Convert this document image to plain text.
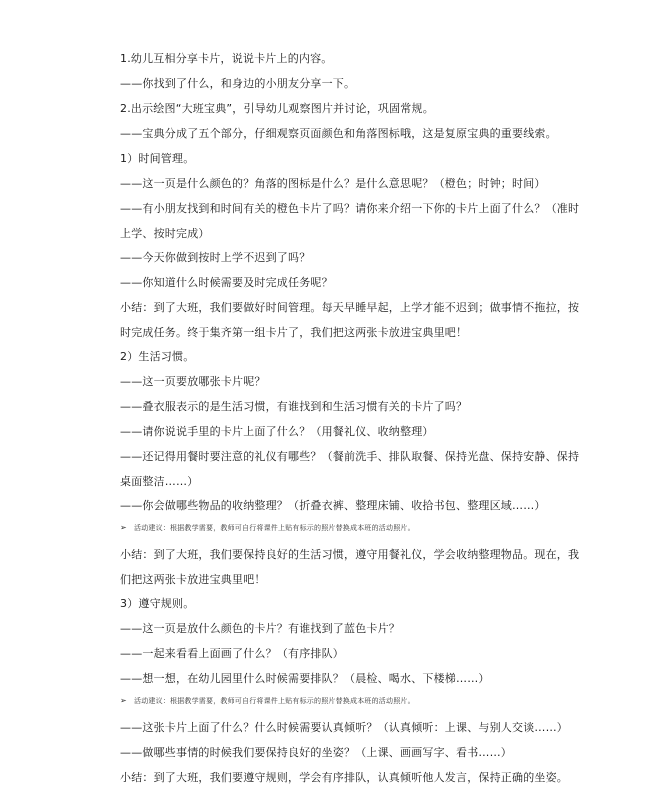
1.幼儿互相分享卡片，说说卡片上的内容。

——你找到了什么，和身边的小朋友分享一下。

2.出示绘图“大班宝典”，引导幼儿观察图片并讨论，巩固常规。

——宝典分成了五个部分，仔细观察页面颜色和角落图标哦，这是复原宝典的重要线索。

1）时间管理。

——这一页是什么颜色的？角落的图标是什么？是什么意思呢？（橙色；时钟；时间）

——有小朋友找到和时间有关的橙色卡片了吗？请你来介绍一下你的卡片上面了什么？（准时上学、按时完成）

——今天你做到按时上学不迟到了吗？

——你知道什么时候需要及时完成任务呢？

小结：到了大班，我们要做好时间管理。每天早睡早起，上学才能不迟到；做事情不拖拉，按时完成任务。终于集齐第一组卡片了，我们把这两张卡放进宝典里吧！

2）生活习惯。

——这一页要放哪张卡片呢？

——叠衣服表示的是生活习惯，有谁找到和生活习惯有关的卡片了吗？

——请你说说手里的卡片上面了什么？（用餐礼仪、收纳整理）

——还记得用餐时要注意的礼仪有哪些？（餐前洗手、排队取餐、保持光盘、保持安静、保持桌面整洁……）

——你会做哪些物品的收纳整理？（折叠衣裤、整理床铺、收拾书包、整理区域……）

➢ 活动建议：根据教学需要，教师可自行将课件上贴有标示的照片替换成本班的活动照片。

小结：到了大班，我们要保持良好的生活习惯，遵守用餐礼仪，学会收纳整理物品。现在，我们把这两张卡放进宝典里吧！

3）遵守规则。

——这一页是放什么颜色的卡片？有谁找到了蓝色卡片？

——一起来看看上面画了什么？（有序排队）

——想一想，在幼儿园里什么时候需要排队？（晨检、喝水、下楼梯……）

➢ 活动建议：根据教学需要，教师可自行将课件上贴有标示的照片替换成本班的活动照片。

——这张卡片上面了什么？什么时候需要认真倾听？（认真倾听：上课、与别人交谈……）

——做哪些事情的时候我们要保持良好的坐姿？（上课、画画写字、看书……）

小结：到了大班，我们要遵守规则，学会有序排队，认真倾听他人发言，保持正确的坐姿。
